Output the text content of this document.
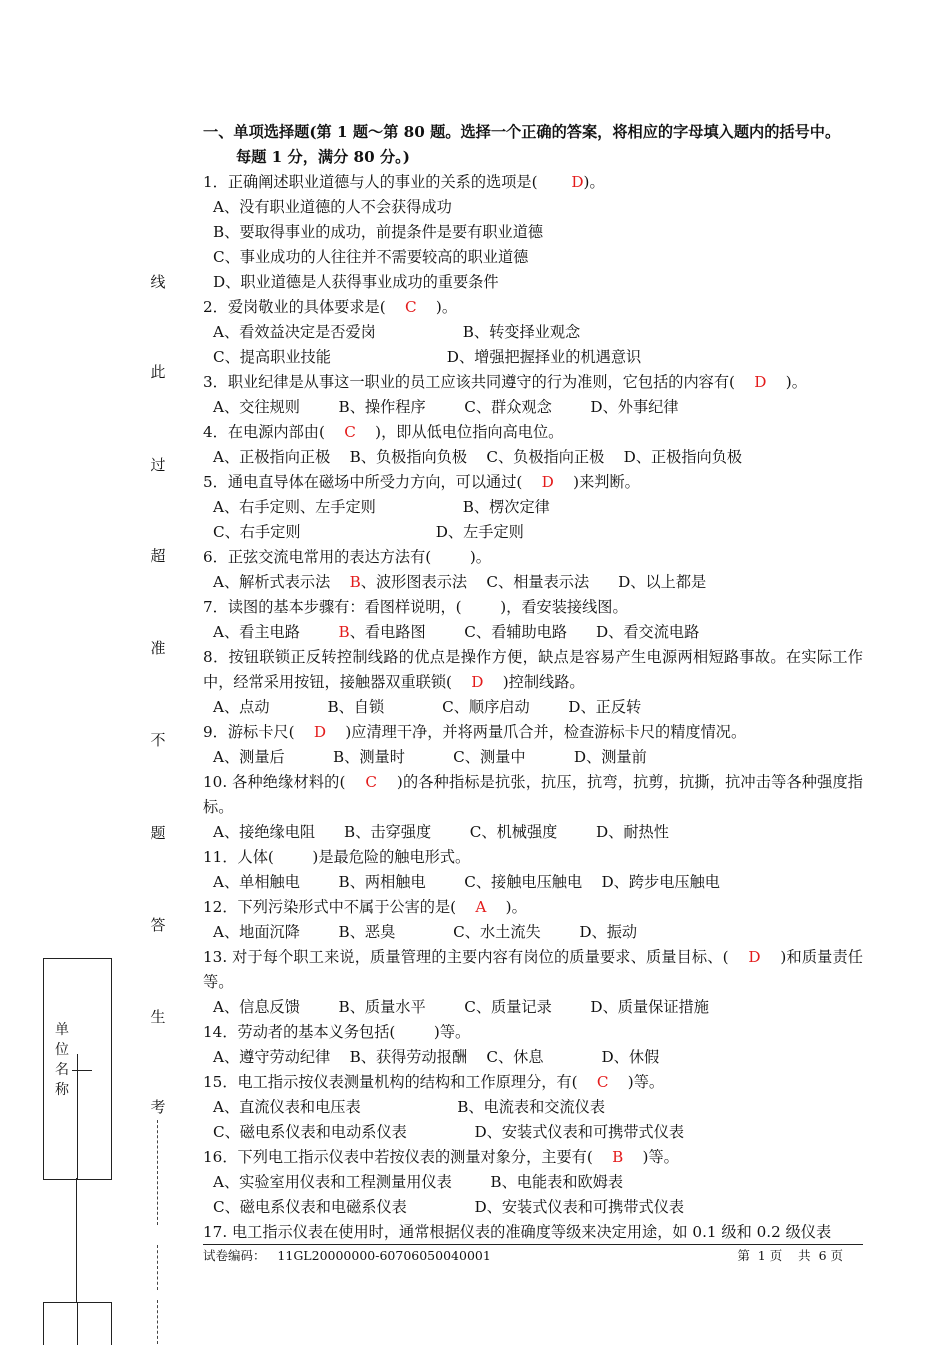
线
此
过
超
准
不
题
答
生
考
单位名称

一、单项选择题(第 1 题～第 80 题。选择一个正确的答案，将相应的字母填入题内的括号中。

每题 1 分，满分 80 分。)

1．正确阐述职业道德与人的事业的关系的选项是(       D)。

A、没有职业道德的人不会获得成功

B、要取得事业的成功，前提条件是要有职业道德

C、事业成功的人往往并不需要较高的职业道德

D、职业道德是人获得事业成功的重要条件

2．爱岗敬业的具体要求是(    C    )。

A、看效益决定是否爱岗                  B、转变择业观念

C、提高职业技能                        D、增强把握择业的机遇意识

3．职业纪律是从事这一职业的员工应该共同遵守的行为准则，它包括的内容有(    D    )。

A、交往规则        B、操作程序        C、群众观念        D、外事纪律

4．在电源内部由(    C    )，即从低电位指向高电位。

A、正极指向正极    B、负极指向负极    C、负极指向正极    D、正极指向负极

5．通电直导体在磁场中所受力方向，可以通过(    D    )来判断。

A、右手定则、左手定则                  B、楞次定律

C、右手定则                            D、左手定则

6．正弦交流电常用的表达方法有(        )。

A、解析式表示法    B、波形图表示法    C、相量表示法      D、以上都是

7．读图的基本步骤有：看图样说明，(        )，看安装接线图。

A、看主电路        B、看电路图        C、看辅助电路      D、看交流电路

8．按钮联锁正反转控制线路的优点是操作方便，缺点是容易产生电源两相短路事故。在实际工作中，经常采用按钮，接触器双重联锁(    D    )控制线路。

A、点动            B、自锁            C、顺序启动        D、正反转

9．游标卡尺(    D    )应清理干净，并将两量爪合并，检查游标卡尺的精度情况。

A、测量后          B、测量时          C、测量中          D、测量前

10. 各种绝缘材料的(    C    )的各种指标是抗张，抗压，抗弯，抗剪，抗撕，抗冲击等各种强度指标。

A、接绝缘电阻      B、击穿强度        C、机械强度        D、耐热性

11．人体(        )是最危险的触电形式。

A、单相触电        B、两相触电        C、接触电压触电    D、跨步电压触电

12．下列污染形式中不属于公害的是(    A    )。

A、地面沉降        B、恶臭            C、水土流失        D、振动

13. 对于每个职工来说，质量管理的主要内容有岗位的质量要求、质量目标、(    D    )和质量责任等。

A、信息反馈        B、质量水平        C、质量记录        D、质量保证措施

14．劳动者的基本义务包括(        )等。

A、遵守劳动纪律    B、获得劳动报酬    C、休息            D、休假

15．电工指示按仪表测量机构的结构和工作原理分，有(    C    )等。

A、直流仪表和电压表                    B、电流表和交流仪表

C、磁电系仪表和电动系仪表              D、安装式仪表和可携带式仪表

16．下列电工指示仪表中若按仪表的测量对象分，主要有(    B    )等。

A、实验室用仪表和工程测量用仪表        B、电能表和欧姆表

C、磁电系仪表和电磁系仪表              D、安装式仪表和可携带式仪表

17. 电工指示仪表在使用时，通常根据仪表的准确度等级来决定用途，如 0.1 级和 0.2 级仪表

试卷编码：   11GL20000000-60706050040001	第  1 页    共  6 页
